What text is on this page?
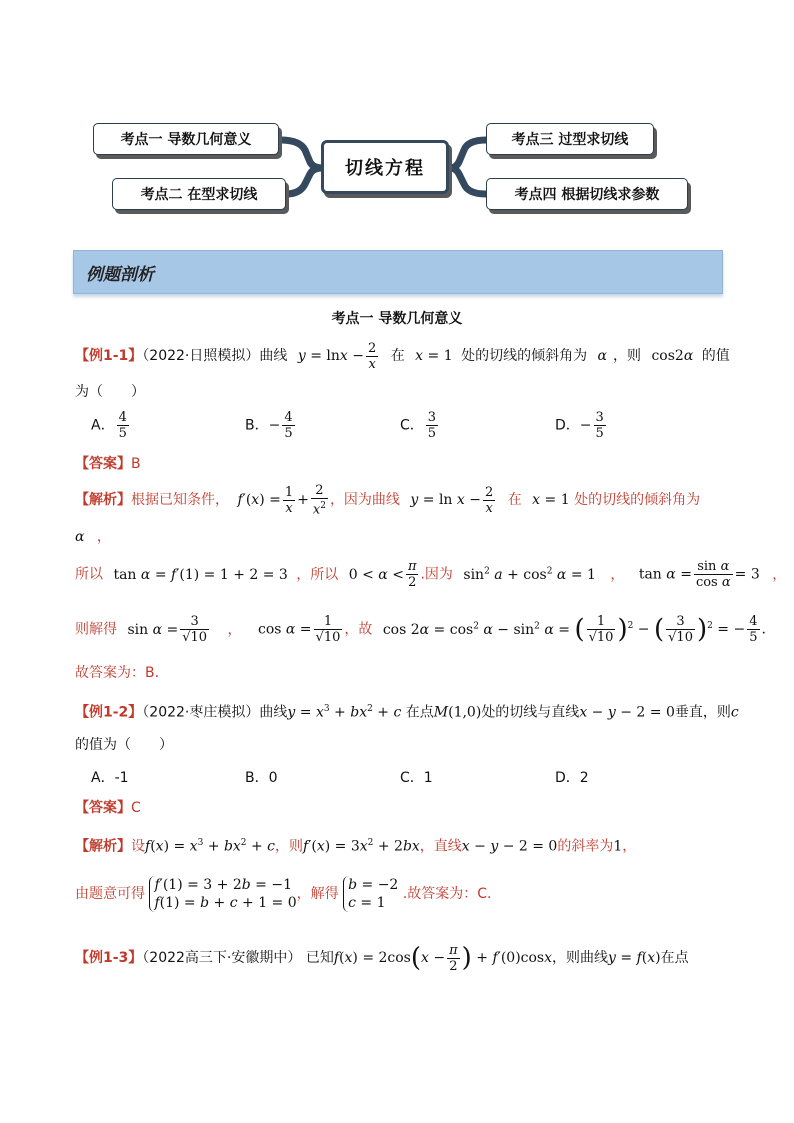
考点一 导数几何意义
考点二 在型求切线
切线方程
考点三 过型求切线
考点四 根据切线求参数
例题剖析
考点一 导数几何意义
【例1-1】（2022·日照模拟）曲线 $y = \ln x - \frac{2}{x}$ 在 x = 1 处的切线的倾斜角为 α ，则 cos2α 的值
为（　　）
A． $\frac{4}{5}$	B．− $\frac{4}{5}$	C． $\frac{3}{5}$	D．− $\frac{3}{5}$
【答案】B
【解析】根据已知条件， $f'(x) = \frac{1}{x} + \frac{2}{x^2}$ ，因为曲线 $y = \ln x - \frac{2}{x}$ 在 x = 1 处的切线的倾斜角为
α ，
所以 tan α = f′(1) = 1 + 2 = 3 ，所以 $0 < \alpha < \frac{\pi}{2}$ .因为 $\sin^2 a + \cos^2 \alpha = 1$ ， $\tan \alpha = \frac{\text{sin α}}{\text{cos α}} = 3$ ，
则解得 $\sin \alpha = \frac{3}{√10}$ ， $\cos \alpha = \frac{1}{√10}$ ，故 $\cos 2\alpha = \cos^2 \alpha - \sin^2 \alpha$ = ( $\frac{1}{√10} )^2$ − ( $\frac{3}{√10} )^2$ = − $\frac{4}{5}$ .
故答案为：B.
【例1-2】（2022·枣庄模拟）曲线$y = x^3 + bx^2 + c$ 在点M(1,0)处的切线与直线x − y − 2 = 0垂直，则c
的值为（　　）
A．-1	B．0	C．1	D．2
【答案】C
【解析】设$f(x) = x^3 + bx^2 + c$，则$f'(x) = 3x^2 + 2bx$，直线x − y − 2 = 0的斜率为1，
由题意可得
f′(1) = 3 + 2b = −1
f(1) = b + c + 1 = 0
，解得
b = −2
c = 1
.故答案为：C.
【例1-3】（2022高三下·安徽期中） 已知$f(x) = 2\cos(x - \frac{\pi}{2}$ ) + f′(0)cosx，则曲线y = f(x)在点
